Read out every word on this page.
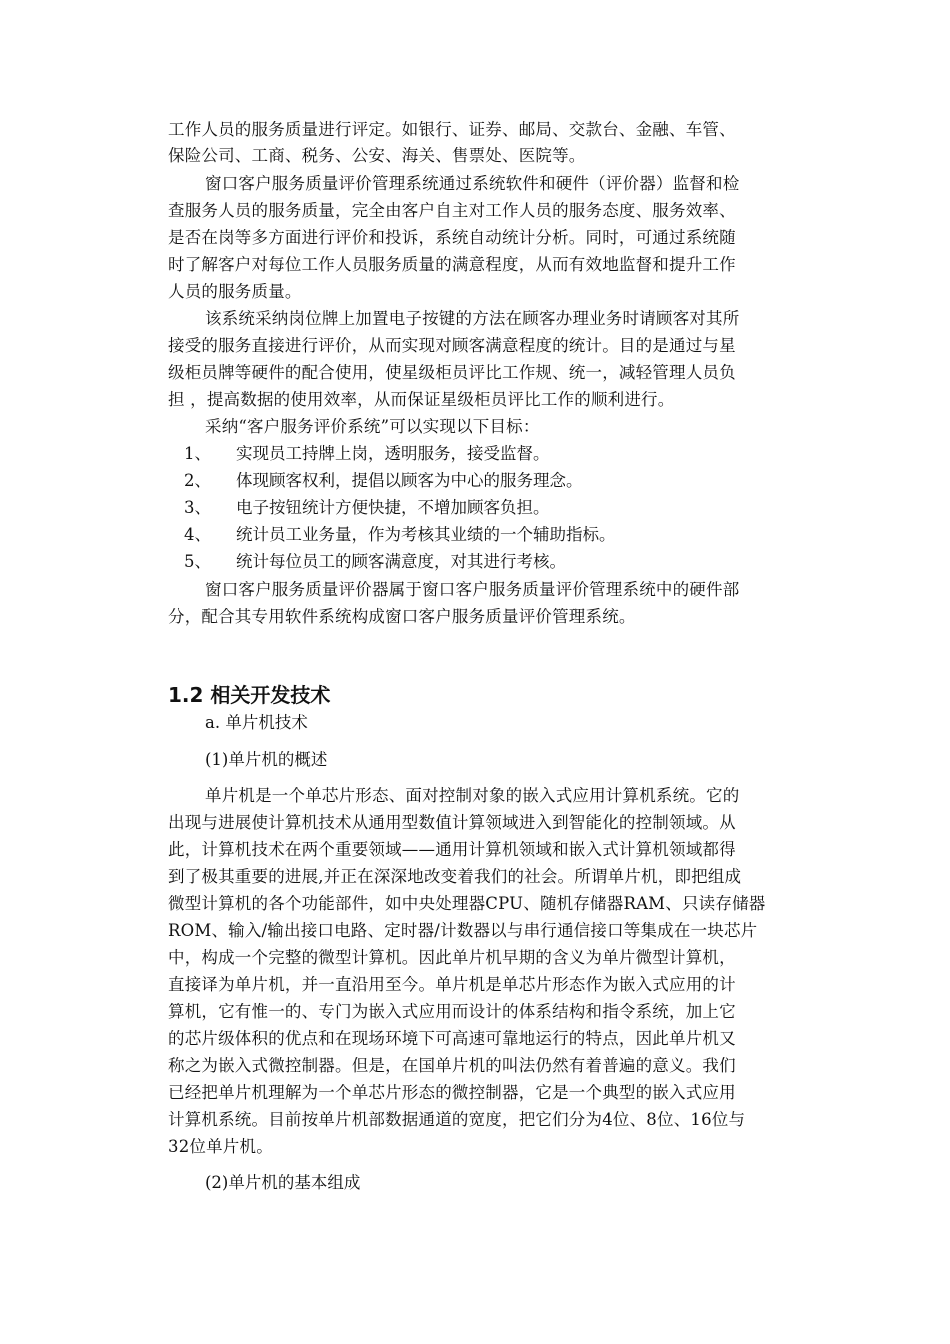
工作人员的服务质量进行评定。如银行、证券、邮局、交款台、金融、车管、
保险公司、工商、税务、公安、海关、售票处、医院等。
窗口客户服务质量评价管理系统通过系统软件和硬件（评价器）监督和检
查服务人员的服务质量，完全由客户自主对工作人员的服务态度、服务效率、
是否在岗等多方面进行评价和投诉，系统自动统计分析。同时，可通过系统随
时了解客户对每位工作人员服务质量的满意程度，从而有效地监督和提升工作
人员的服务质量。
该系统采纳岗位牌上加置电子按键的方法在顾客办理业务时请顾客对其所
接受的服务直接进行评价，从而实现对顾客满意程度的统计。目的是通过与星
级柜员牌等硬件的配合使用，使星级柜员评比工作规、统一，减轻管理人员负
担 ，提高数据的使用效率，从而保证星级柜员评比工作的顺利进行。
采纳“客户服务评价系统”可以实现以下目标：
1、 实现员工持牌上岗，透明服务，接受监督。
2、 体现顾客权利，提倡以顾客为中心的服务理念。
3、 电子按钮统计方便快捷，不增加顾客负担。
4、 统计员工业务量，作为考核其业绩的一个辅助指标。
5、 统计每位员工的顾客满意度，对其进行考核。
窗口客户服务质量评价器属于窗口客户服务质量评价管理系统中的硬件部
分，配合其专用软件系统构成窗口客户服务质量评价管理系统。
1.2 相关开发技术
a. 单片机技术
(1)单片机的概述
单片机是一个单芯片形态、面对控制对象的嵌入式应用计算机系统。它的
出现与进展使计算机技术从通用型数值计算领域进入到智能化的控制领域。从
此，计算机技术在两个重要领域——通用计算机领域和嵌入式计算机领域都得
到了极其重要的进展,并正在深深地改变着我们的社会。所谓单片机，即把组成
微型计算机的各个功能部件，如中央处理器CPU、随机存储器RAM、只读存储器
ROM、输入/输出接口电路、定时器/计数器以与串行通信接口等集成在一块芯片
中，构成一个完整的微型计算机。因此单片机早期的含义为单片微型计算机，
直接译为单片机，并一直沿用至今。单片机是单芯片形态作为嵌入式应用的计
算机，它有惟一的、专门为嵌入式应用而设计的体系结构和指令系统，加上它
的芯片级体积的优点和在现场环境下可高速可靠地运行的特点，因此单片机又
称之为嵌入式微控制器。但是，在国单片机的叫法仍然有着普遍的意义。我们
已经把单片机理解为一个单芯片形态的微控制器，它是一个典型的嵌入式应用
计算机系统。目前按单片机部数据通道的宽度，把它们分为4位、8位、16位与
32位单片机。
(2)单片机的基本组成
